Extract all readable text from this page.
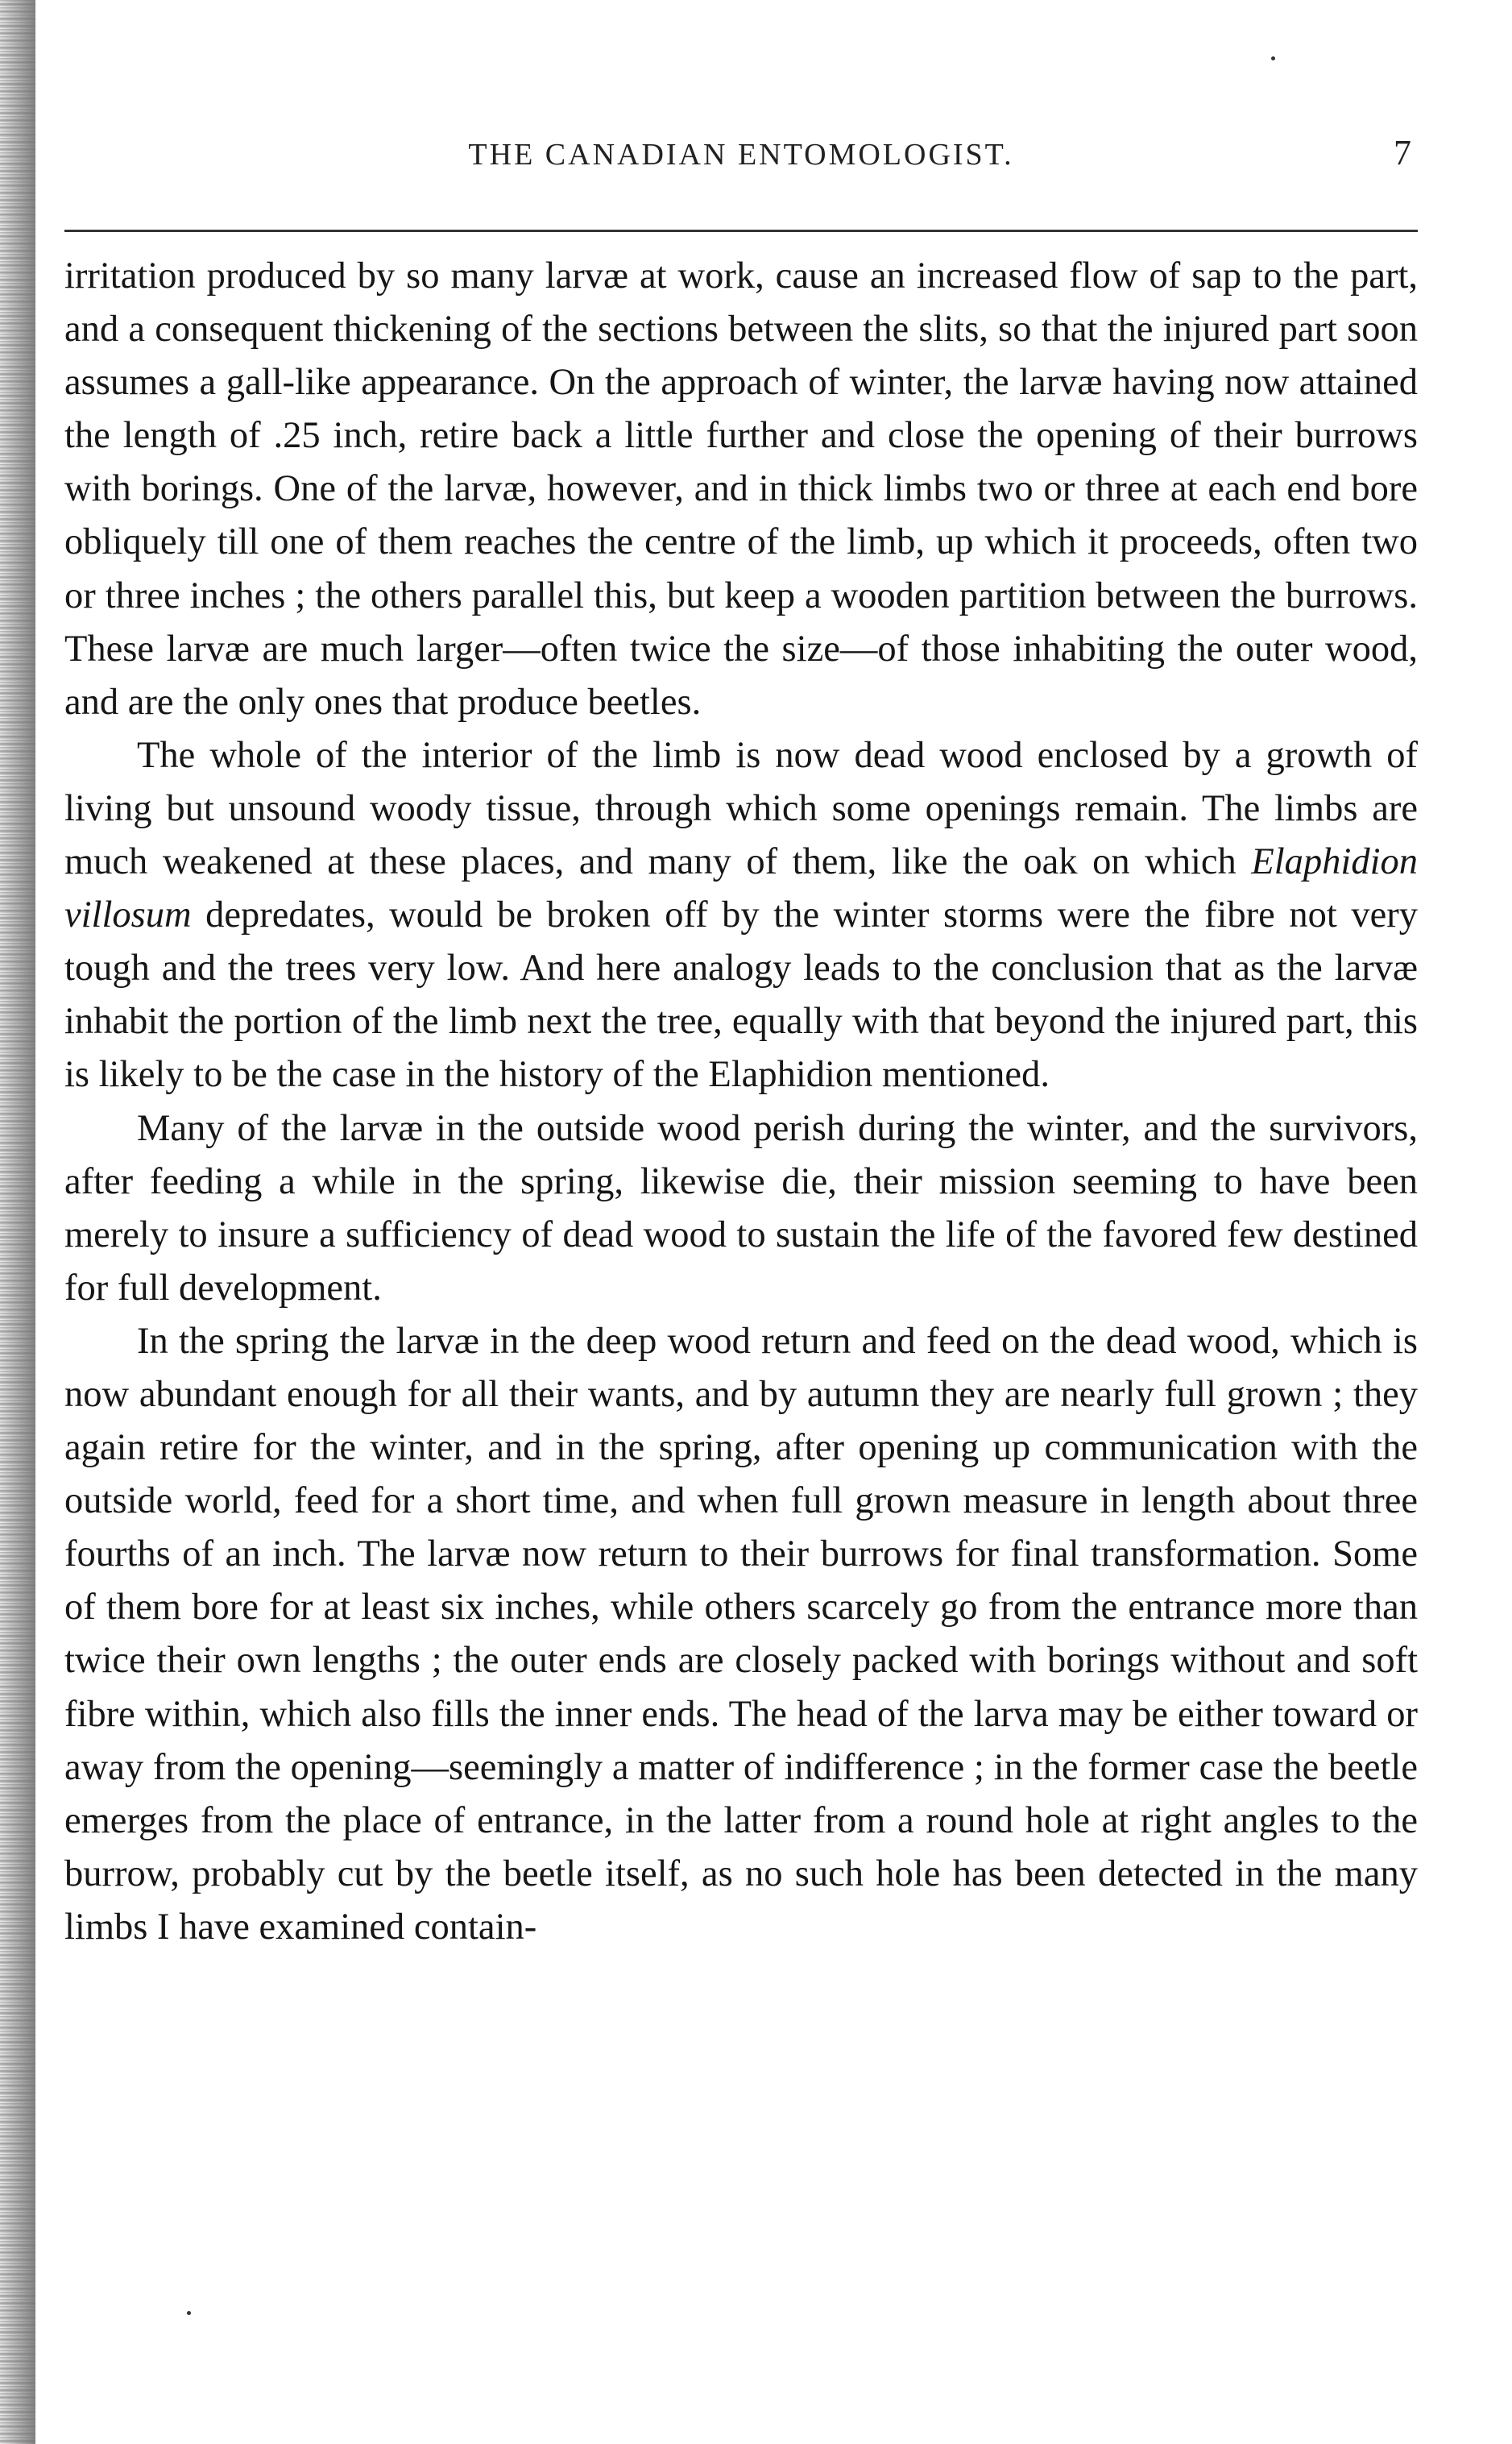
THE CANADIAN ENTOMOLOGIST.	7

irritation produced by so many larvæ at work, cause an increased flow of sap to the part, and a consequent thickening of the sections between the slits, so that the injured part soon assumes a gall-like appearance. On the approach of winter, the larvæ having now attained the length of .25 inch, retire back a little further and close the opening of their burrows with borings. One of the larvæ, however, and in thick limbs two or three at each end bore obliquely till one of them reaches the centre of the limb, up which it proceeds, often two or three inches ; the others parallel this, but keep a wooden partition between the burrows. These larvæ are much larger—often twice the size—of those inhabiting the outer wood, and are the only ones that produce beetles.

The whole of the interior of the limb is now dead wood enclosed by a growth of living but unsound woody tissue, through which some openings remain. The limbs are much weakened at these places, and many of them, like the oak on which Elaphidion villosum depredates, would be broken off by the winter storms were the fibre not very tough and the trees very low. And here analogy leads to the conclusion that as the larvæ inhabit the portion of the limb next the tree, equally with that beyond the injured part, this is likely to be the case in the history of the Elaphidion mentioned.

Many of the larvæ in the outside wood perish during the winter, and the survivors, after feeding a while in the spring, likewise die, their mission seeming to have been merely to insure a sufficiency of dead wood to sustain the life of the favored few destined for full development.

In the spring the larvæ in the deep wood return and feed on the dead wood, which is now abundant enough for all their wants, and by autumn they are nearly full grown ; they again retire for the winter, and in the spring, after opening up communication with the outside world, feed for a short time, and when full grown measure in length about three fourths of an inch. The larvæ now return to their burrows for final transformation. Some of them bore for at least six inches, while others scarcely go from the entrance more than twice their own lengths ; the outer ends are closely packed with borings without and soft fibre within, which also fills the inner ends. The head of the larva may be either toward or away from the opening—seemingly a matter of indifference ; in the former case the beetle emerges from the place of entrance, in the latter from a round hole at right angles to the burrow, probably cut by the beetle itself, as no such hole has been detected in the many limbs I have examined contain-
